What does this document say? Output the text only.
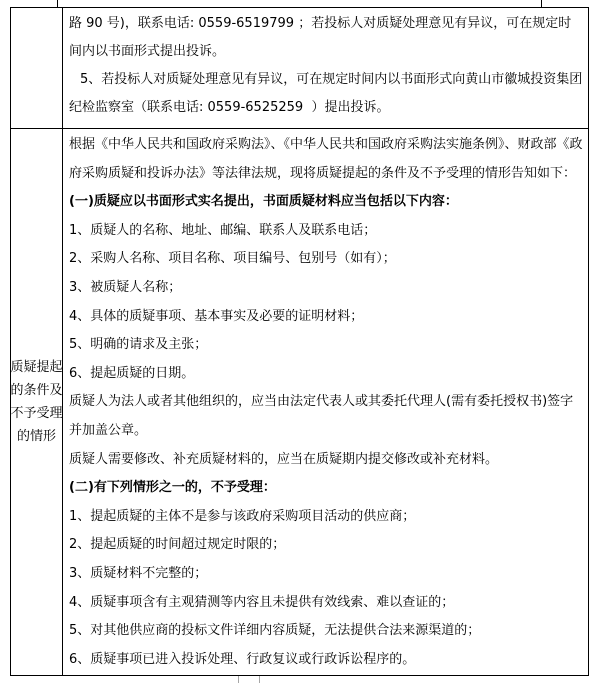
路 90 号)，联系电话: 0559-6519799 ；若投标人对质疑处理意见有异议，可在规定时间内以书面形式提出投诉。
5、若投标人对质疑处理意见有异议，可在规定时间内以书面形式向黄山市徽城投资集团纪检监察室（联系电话: 0559-6525259  ）提出投诉。
质疑提起
的条件及
不予受理
的情形
根据《中华人民共和国政府采购法》、《中华人民共和国政府采购法实施条例》、财政部《政府采购质疑和投诉办法》等法律法规，现将质疑提起的条件及不予受理的情形告知如下：
(一)质疑应以书面形式实名提出，书面质疑材料应当包括以下内容：
1、质疑人的名称、地址、邮编、联系人及联系电话；
2、采购人名称、项目名称、项目编号、包别号（如有）；
3、被质疑人名称；
4、具体的质疑事项、基本事实及必要的证明材料；
5、明确的请求及主张；
6、提起质疑的日期。
质疑人为法人或者其他组织的，应当由法定代表人或其委托代理人(需有委托授权书)签字并加盖公章。
质疑人需要修改、补充质疑材料的，应当在质疑期内提交修改或补充材料。
(二)有下列情形之一的，不予受理：
1、提起质疑的主体不是参与该政府采购项目活动的供应商；
2、提起质疑的时间超过规定时限的；
3、质疑材料不完整的；
4、质疑事项含有主观猜测等内容且未提供有效线索、难以查证的；
5、对其他供应商的投标文件详细内容质疑，无法提供合法来源渠道的；
6、质疑事项已进入投诉处理、行政复议或行政诉讼程序的。
